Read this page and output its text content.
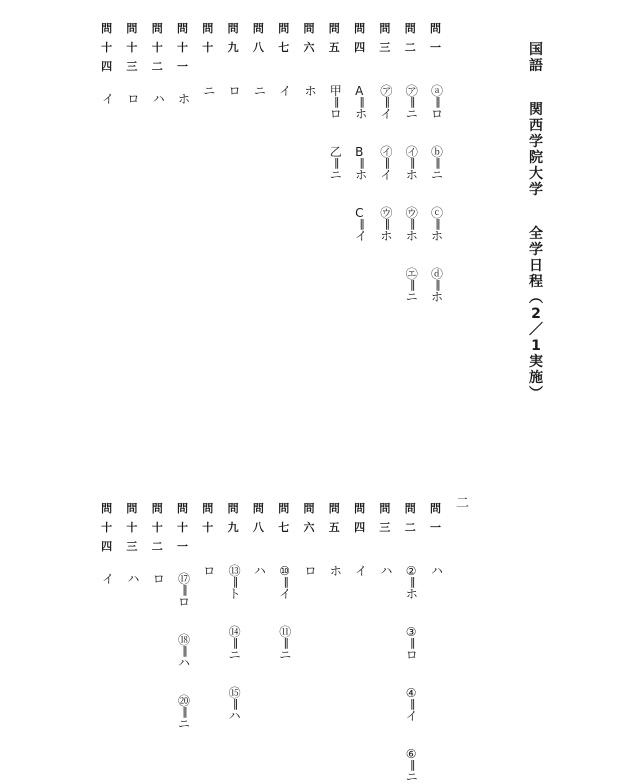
国
語
関
西
学
院
大
学
全
学
日
程
︵
2
／
1
実
施
︶
二
問一
ⓐ
‖
ロ
ⓑ
‖
ニ
ⓒ
‖
ホ
ⓓ
‖
ホ
問二
㋐
‖
ニ
㋑
‖
ホ
㋒
‖
ホ
㋓
‖
ニ
問三
㋐
‖
イ
㋑
‖
イ
㋒
‖
ホ
問四
A
‖
ホ
B
‖
ホ
C
‖
イ
問五
甲
‖
ロ
乙
‖
ニ
問六
ホ
問七
イ
問八
ニ
問九
ロ
問十
ニ
問十一
ホ
問十二
ハ
問十三
ロ
問十四
イ
問一
ハ
問二
②
‖
ホ
③
‖
ロ
④
‖
イ
⑥
‖
ニ
問三
ハ
問四
イ
問五
ホ
問六
ロ
問七
⑩
‖
イ
⑪
‖
ニ
問八
ハ
問九
⑬
‖
ト
⑭
‖
ニ
⑮
‖
ハ
問十
ロ
問十一
⑰
‖
ロ
⑱
‖
ハ
⑳
‖
ニ
問十二
ロ
問十三
ハ
問十四
イ
